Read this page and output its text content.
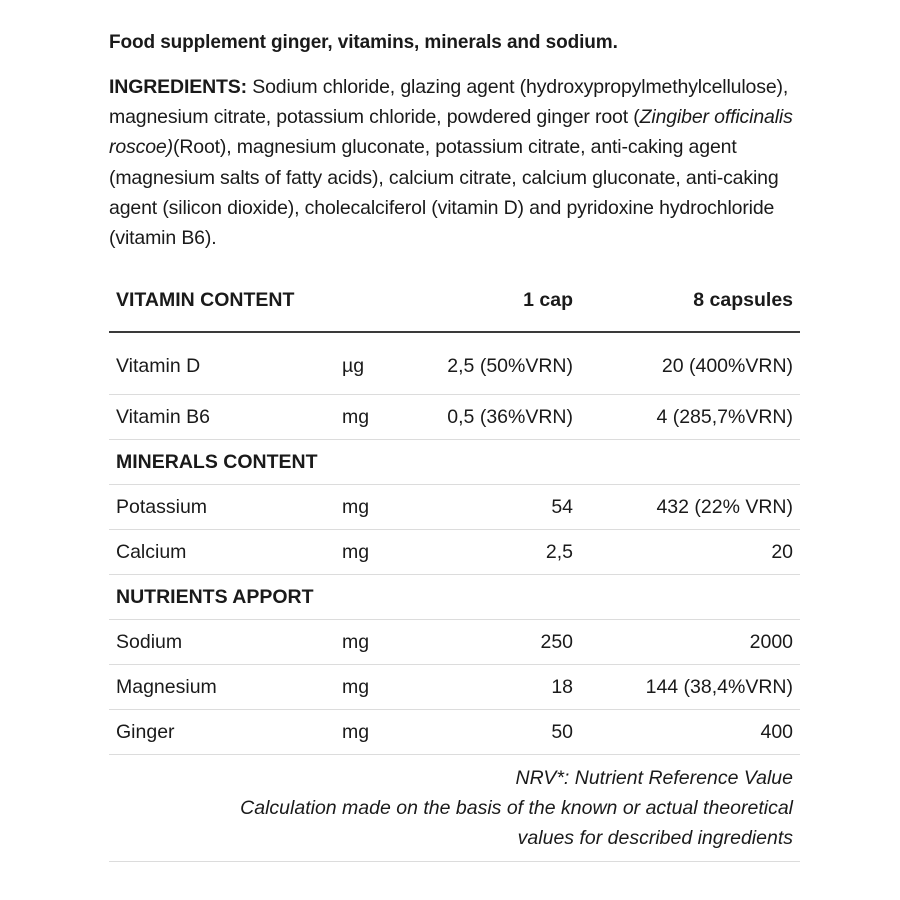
Food supplement ginger, vitamins, minerals and sodium.

INGREDIENTS: Sodium chloride, glazing agent (hydroxypropylmethylcellulose), magnesium citrate, potassium chloride, powdered ginger root (Zingiber officinalis roscoe)(Root), magnesium gluconate, potassium citrate, anti-caking agent (magnesium salts of fatty acids), calcium citrate, calcium gluconate, anti-caking agent (silicon dioxide), cholecalciferol (vitamin D) and pyridoxine hydrochloride (vitamin B6).
VITAMIN CONTENT		1 cap	8 capsules
Vitamin D	µg	2,5 (50%VRN)	20 (400%VRN)
Vitamin B6	mg	0,5 (36%VRN)	4 (285,7%VRN)
MINERALS CONTENT			
Potassium	mg	54	432 (22% VRN)
Calcium	mg	2,5	20
NUTRIENTS APPORT			
Sodium	mg	250	2000
Magnesium	mg	18	144 (38,4%VRN)
Ginger	mg	50	400
NRV*: Nutrient Reference Value
Calculation made on the basis of the known or actual theoretical
values for described ingredients
